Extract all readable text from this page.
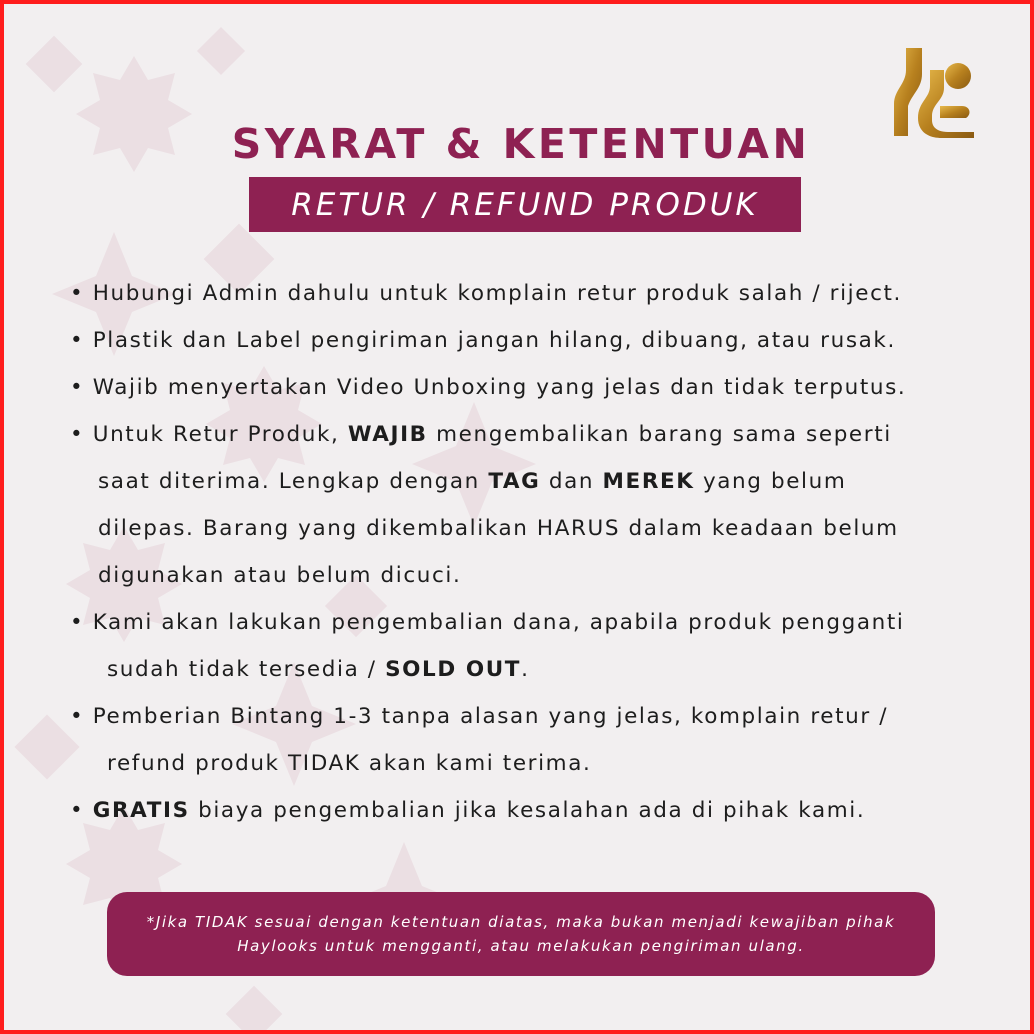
SYARAT & KETENTUAN
RETUR / REFUND PRODUK
• Hubungi Admin dahulu untuk komplain retur produk salah / riject.
• Plastik dan Label pengiriman jangan hilang, dibuang, atau rusak.
• Wajib menyertakan Video Unboxing yang jelas dan tidak terputus.
• Untuk Retur Produk, WAJIB mengembalikan barang sama seperti
saat diterima. Lengkap dengan TAG dan MEREK yang belum
dilepas. Barang yang dikembalikan HARUS dalam keadaan belum
digunakan atau belum dicuci.
• Kami akan lakukan pengembalian dana, apabila produk pengganti
sudah tidak tersedia / SOLD OUT.
• Pemberian Bintang 1-3 tanpa alasan yang jelas, komplain retur /
refund produk TIDAK akan kami terima.
• GRATIS biaya pengembalian jika kesalahan ada di pihak kami.
*Jika TIDAK sesuai dengan ketentuan diatas, maka bukan menjadi kewajiban pihak
Haylooks untuk mengganti, atau melakukan pengiriman ulang.
